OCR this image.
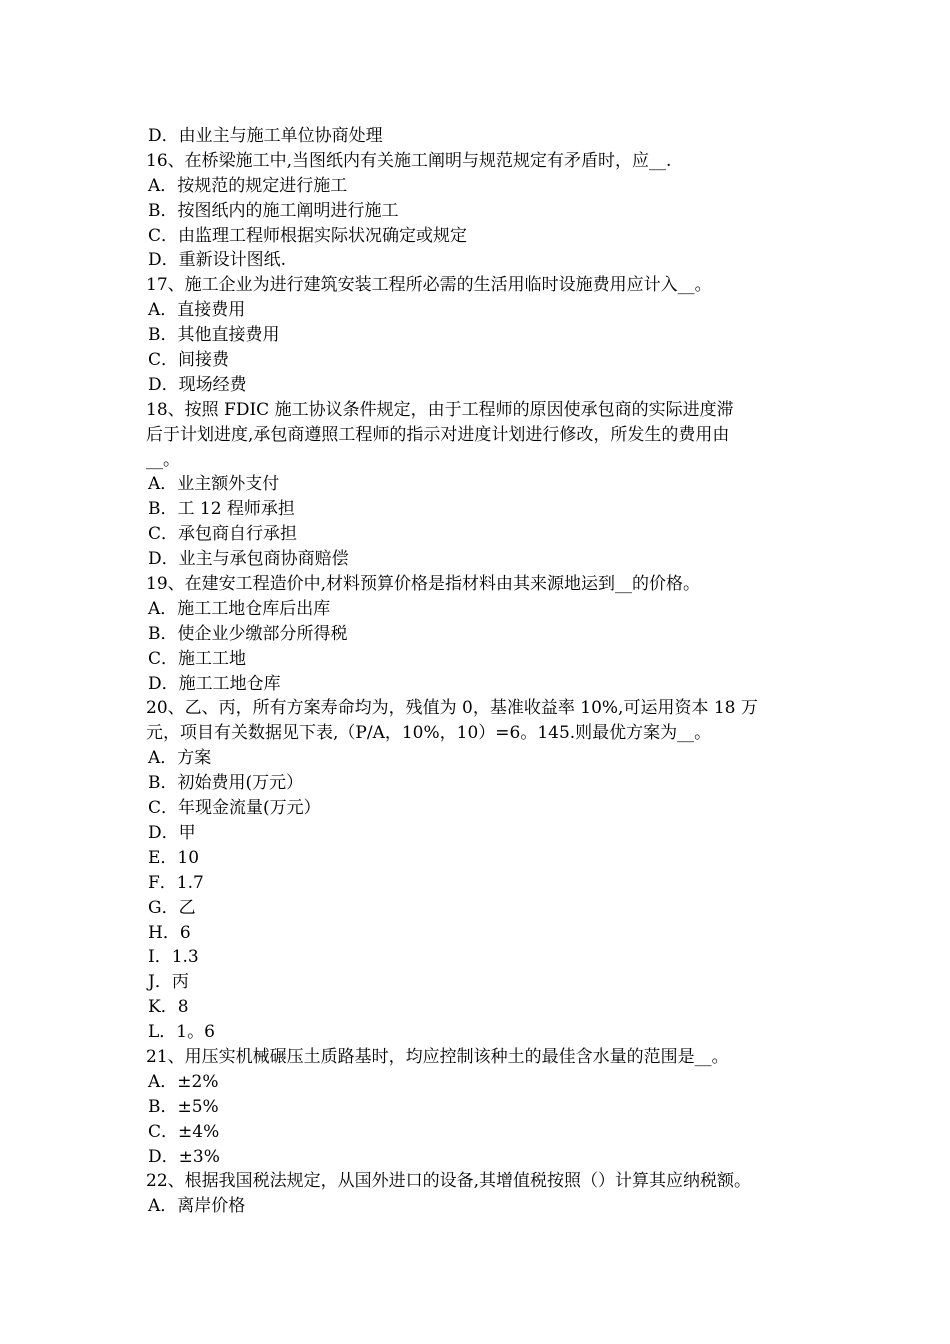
D．由业主与施工单位协商处理
16、在桥梁施工中,当图纸内有关施工阐明与规范规定有矛盾时，应__.
A．按规范的规定进行施工
B．按图纸内的施工阐明进行施工
C．由监理工程师根据实际状况确定或规定
D．重新设计图纸.
17、施工企业为进行建筑安装工程所必需的生活用临时设施费用应计入__。
A．直接费用
B．其他直接费用
C．间接费
D．现场经费
18、按照 FDIC 施工协议条件规定，由于工程师的原因使承包商的实际进度滞
后于计划进度,承包商遵照工程师的指示对进度计划进行修改，所发生的费用由
__。
A．业主额外支付
B．工 12 程师承担
C．承包商自行承担
D．业主与承包商协商赔偿
19、在建安工程造价中,材料预算价格是指材料由其来源地运到__的价格。
A．施工工地仓库后出库
B．使企业少缴部分所得税
C．施工工地
D．施工工地仓库
20、乙、丙，所有方案寿命均为，残值为 0，基准收益率 10%,可运用资本 18 万
元，项目有关数据见下表,（P/A，10%，10）=6。145.则最优方案为__。
A．方案
B．初始费用(万元）
C．年现金流量(万元）
D．甲
E．10
F．1.7
G．乙
H．6
I．1.3
J．丙
K．8
L．1。6
21、用压实机械碾压土质路基时，均应控制该种土的最佳含水量的范围是__。
A．±2%
B．±5%
C．±4%
D．±3%
22、根据我国税法规定，从国外进口的设备,其增值税按照（）计算其应纳税额。
A．离岸价格
